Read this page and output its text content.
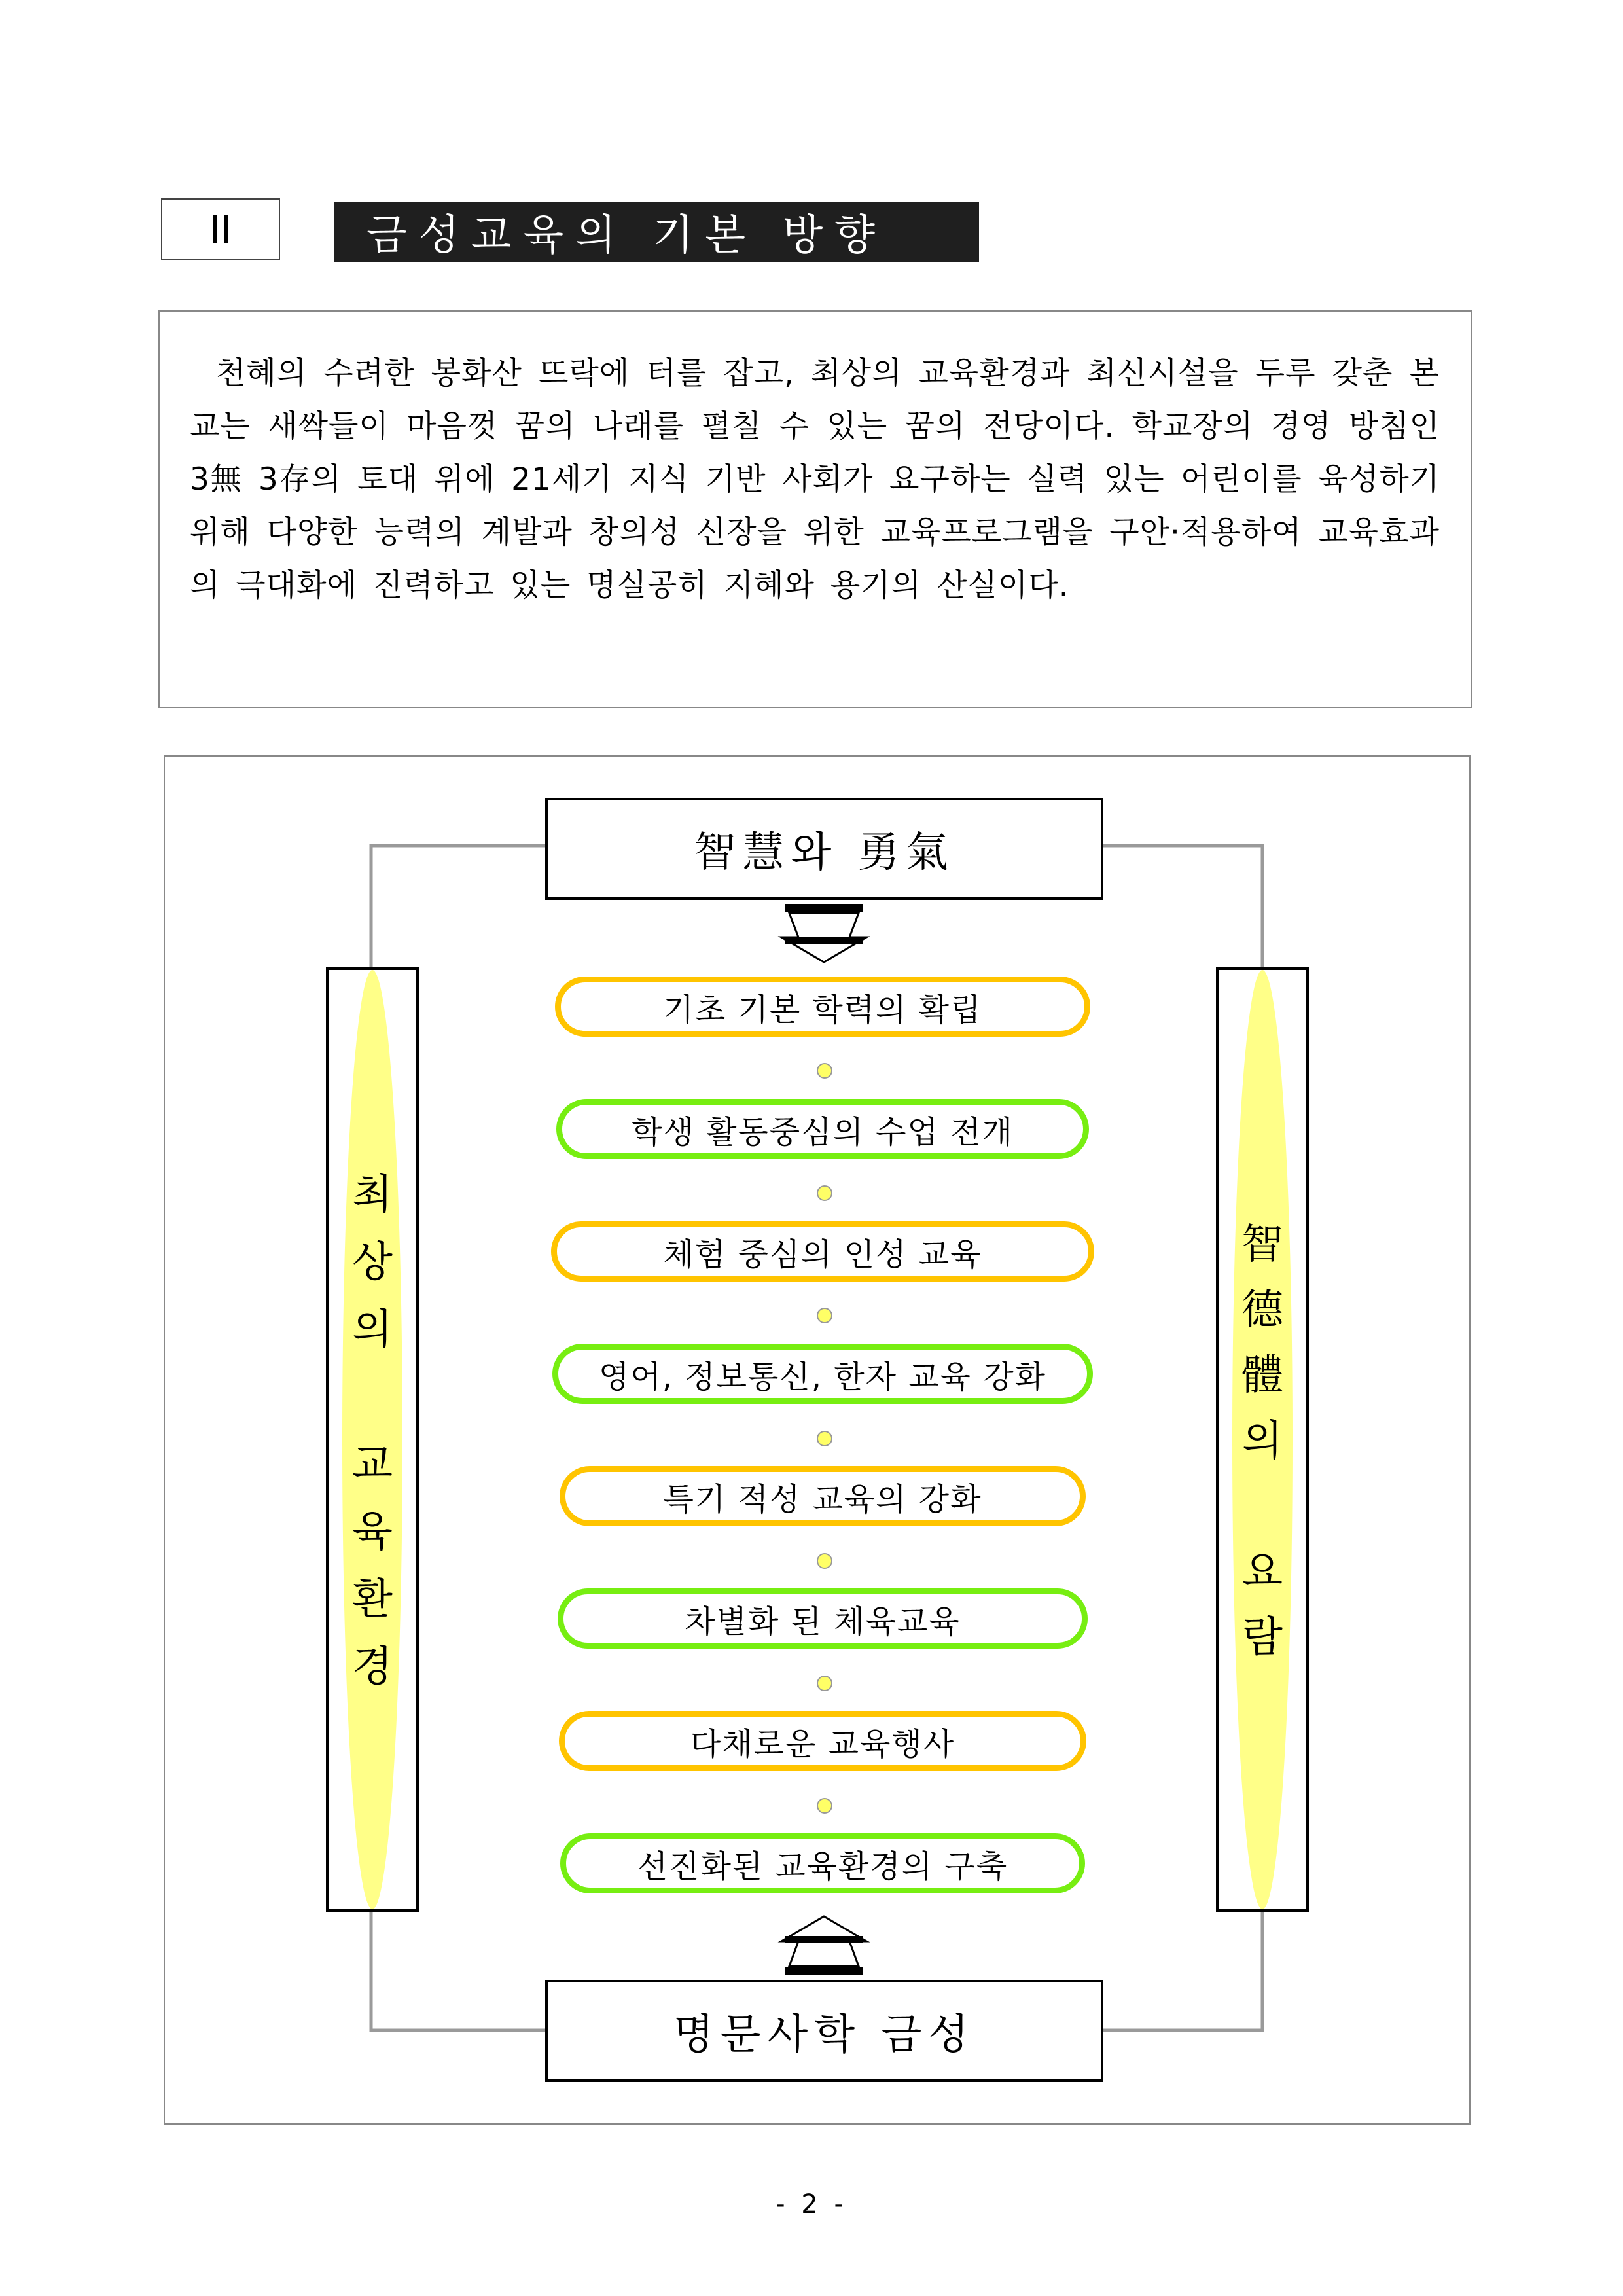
II	금성교육의 기본 방향
천혜의 수려한 봉화산 뜨락에 터를 잡고, 최상의 교육환경과 최신시설을 두루 갖춘 본교는 새싹들이 마음껏 꿈의 나래를 펼칠 수 있는 꿈의 전당이다. 학교장의 경영 방침인 3無 3存의 토대 위에 21세기 지식 기반 사회가 요구하는 실력 있는 어린이를 육성하기 위해 다양한 능력의 계발과 창의성 신장을 위한 교육프로그램을 구안·적용하여 교육효과의 극대화에 진력하고 있는 명실공히 지혜와 용기의 산실이다.
智慧와 勇氣
명문사학 금성
최
상
의
교
육
환
경
智
德
體
의
요
람
기초 기본 학력의 확립
학생 활동중심의 수업 전개
체험 중심의 인성 교육
영어, 정보통신, 한자 교육 강화
특기 적성 교육의 강화
차별화 된 체육교육
다채로운 교육행사
선진화된 교육환경의 구축
- 2 -
